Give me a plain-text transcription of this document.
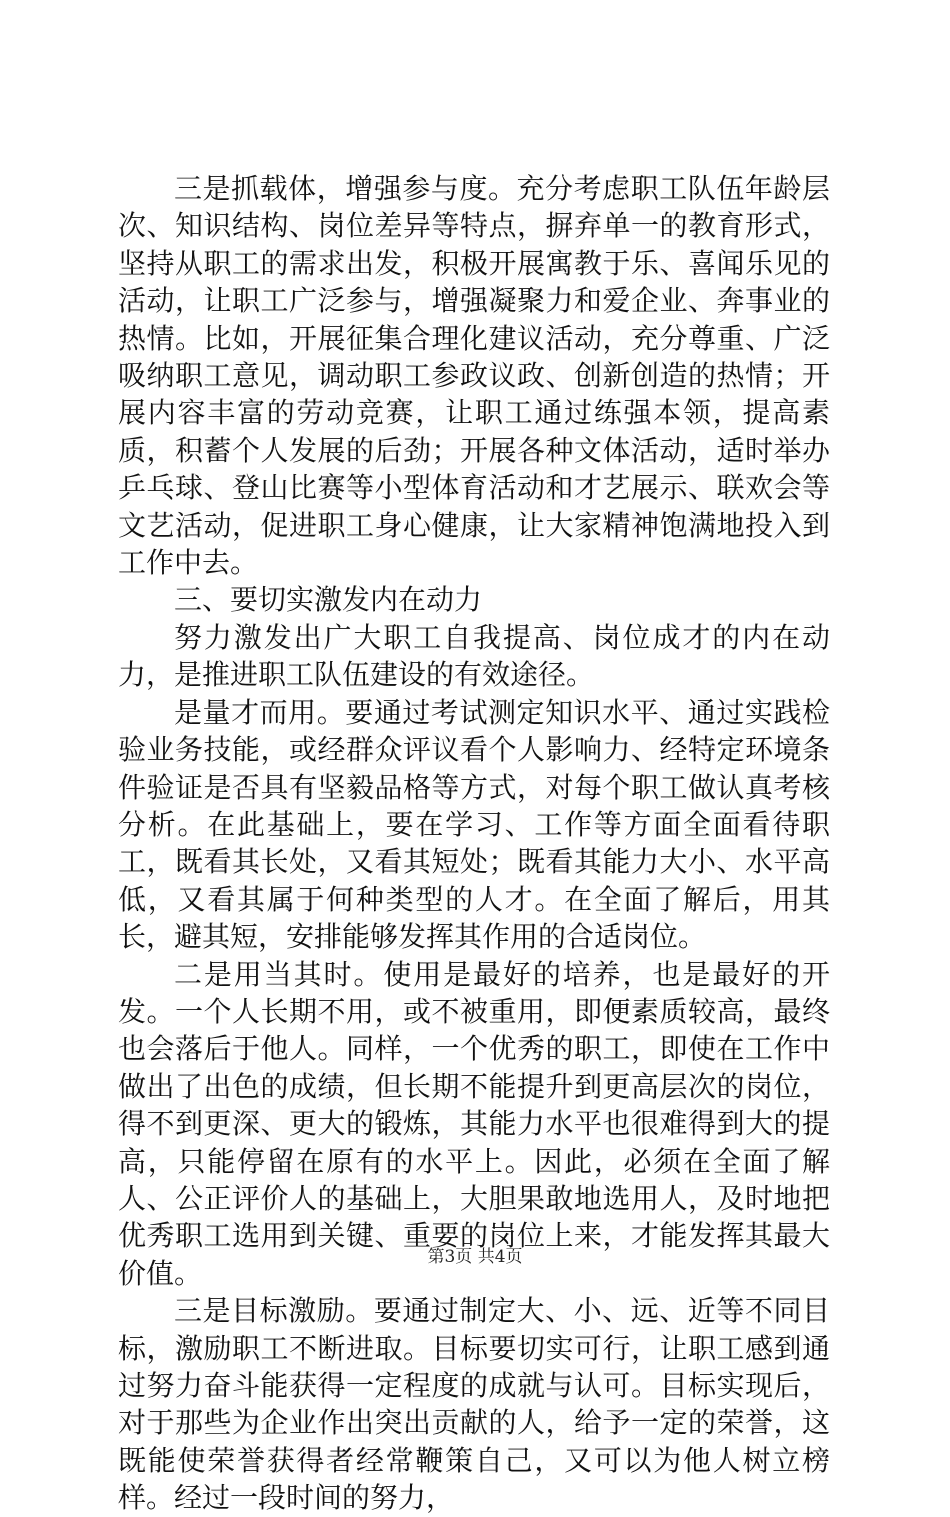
三是抓载体，增强参与度。充分考虑职工队伍年龄层次、知识结构、岗位差异等特点，摒弃单一的教育形式，坚持从职工的需求出发，积极开展寓教于乐、喜闻乐见的活动，让职工广泛参与，增强凝聚力和爱企业、奔事业的热情。比如，开展征集合理化建议活动，充分尊重、广泛吸纳职工意见，调动职工参政议政、创新创造的热情；开展内容丰富的劳动竞赛，让职工通过练强本领，提高素质，积蓄个人发展的后劲；开展各种文体活动，适时举办乒乓球、登山比赛等小型体育活动和才艺展示、联欢会等文艺活动，促进职工身心健康，让大家精神饱满地投入到工作中去。

三、要切实激发内在动力

努力激发出广大职工自我提高、岗位成才的内在动力，是推进职工队伍建设的有效途径。

是量才而用。要通过考试测定知识水平、通过实践检验业务技能，或经群众评议看个人影响力、经特定环境条件验证是否具有坚毅品格等方式，对每个职工做认真考核分析。在此基础上，要在学习、工作等方面全面看待职工，既看其长处，又看其短处；既看其能力大小、水平高低，又看其属于何种类型的人才。在全面了解后，用其长，避其短，安排能够发挥其作用的合适岗位。

二是用当其时。使用是最好的培养，也是最好的开发。一个人长期不用，或不被重用，即便素质较高，最终也会落后于他人。同样，一个优秀的职工，即使在工作中做出了出色的成绩，但长期不能提升到更高层次的岗位，得不到更深、更大的锻炼，其能力水平也很难得到大的提高，只能停留在原有的水平上。因此，必须在全面了解人、公正评价人的基础上，大胆果敢地选用人，及时地把优秀职工选用到关键、重要的岗位上来，才能发挥其最大价值。

三是目标激励。要通过制定大、小、远、近等不同目标，激励职工不断进取。目标要切实可行，让职工感到通过努力奋斗能获得一定程度的成就与认可。目标实现后，对于那些为企业作出突出贡献的人，给予一定的荣誉，这既能使荣誉获得者经常鞭策自己，又可以为他人树立榜样。经过一段时间的努力，

第3页 共4页
